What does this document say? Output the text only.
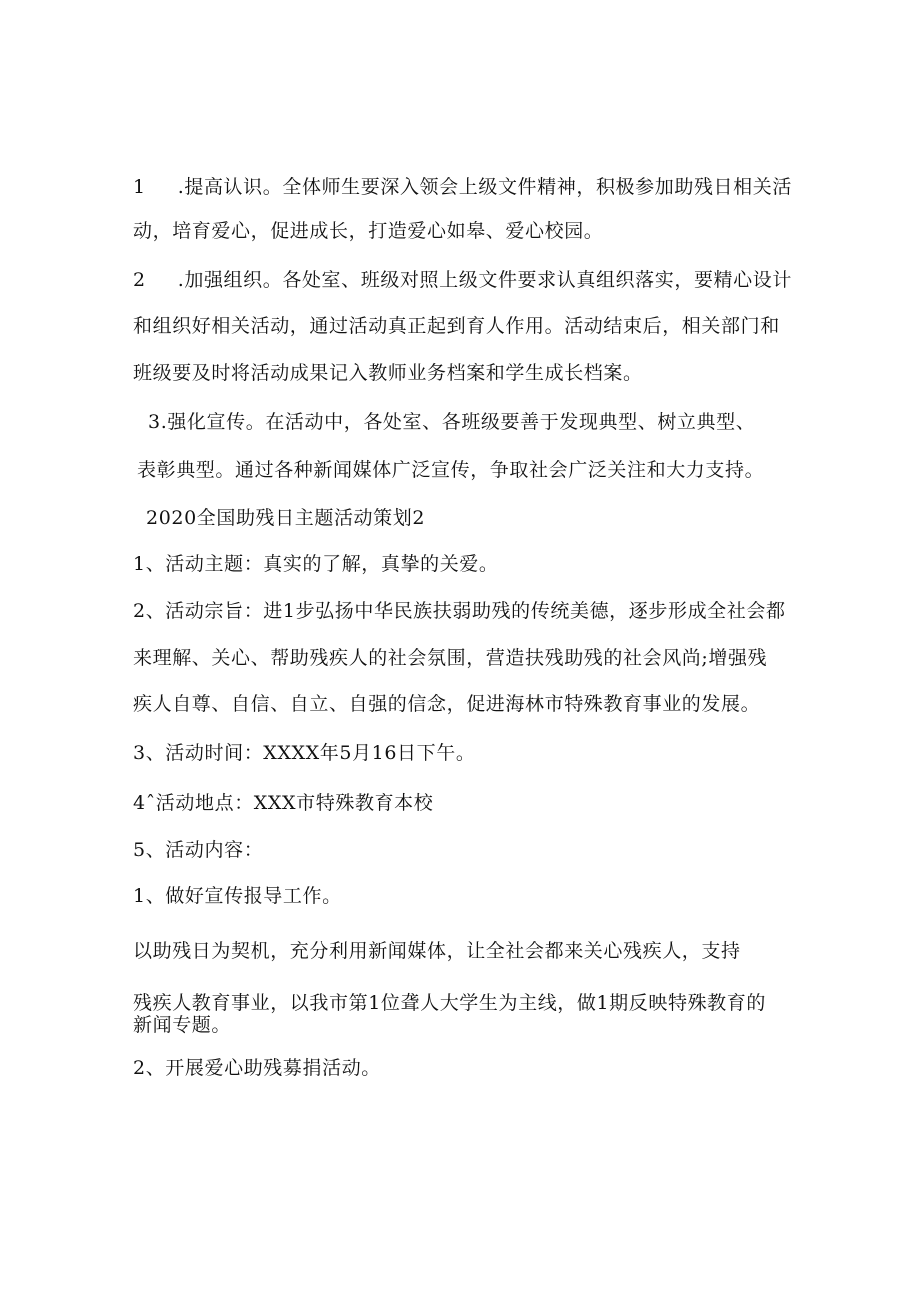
1 .提高认识。全体师生要深入领会上级文件精神，积极参加助残日相关活
动，培育爱心，促进成长，打造爱心如皋、爱心校园。
2 .加强组织。各处室、班级对照上级文件要求认真组织落实，要精心设计
和组织好相关活动，通过活动真正起到育人作用。活动结束后，相关部门和
班级要及时将活动成果记入教师业务档案和学生成长档案。
3.强化宣传。在活动中，各处室、各班级要善于发现典型、树立典型、
表彰典型。通过各种新闻媒体广泛宣传，争取社会广泛关注和大力支持。
2020全国助残日主题活动策划2
1、活动主题：真实的了解，真挚的关爱。
2、活动宗旨：进1步弘扬中华民族扶弱助残的传统美德，逐步形成全社会都
来理解、关心、帮助残疾人的社会氛围，营造扶残助残的社会风尚;增强残
疾人自尊、自信、自立、自强的信念，促进海林市特殊教育事业的发展。
3、活动时间：XXXX年5月16日下午。
4ˆ活动地点：XXX市特殊教育本校
5、活动内容：
1、做好宣传报导工作。
以助残日为契机，充分利用新闻媒体，让全社会都来关心残疾人，支持
残疾人教育事业，以我市第1位聋人大学生为主线，做1期反映特殊教育的
新闻专题。
2、开展爱心助残募捐活动。
